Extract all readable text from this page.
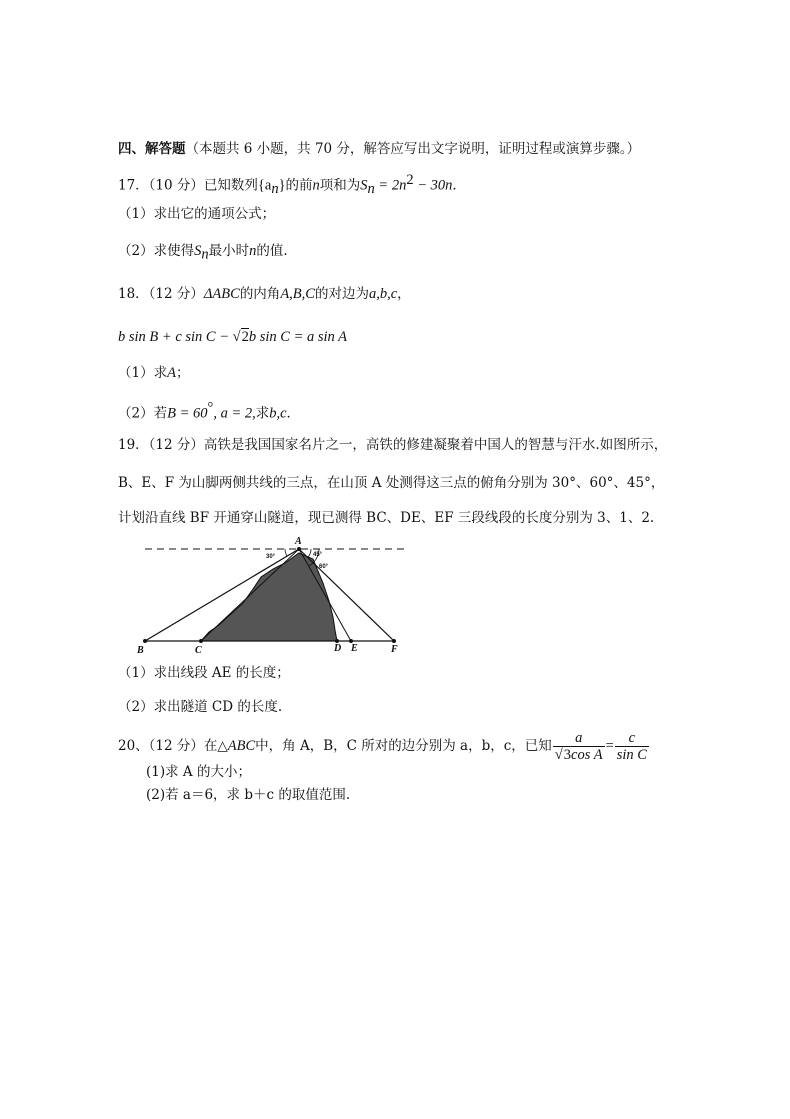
四、解答题（本题共 6 小题，共 70 分，解答应写出文字说明，证明过程或演算步骤。）
17．（10 分）已知数列$\{a_n\}$的前n项和为$S_n = 2n^2 - 30n$．
（1）求出它的通项公式；
（2）求使得$S_n$最小时n的值.
18．（12 分）ΔABC的内角A,B,C的对边为a,b,c，
b sin B + c sin C − √2b sin C = a sin A
（1）求A；
（2）若B = 60°, a = 2,求b,c．
19．（12 分）高铁是我国国家名片之一，高铁的修建凝聚着中国人的智慧与汗水.如图所示，
B、E、F 为山脚两侧共线的三点，在山顶 A 处测得这三点的俯角分别为 30°、60°、45°，
计划沿直线 BF 开通穿山隧道，现已测得 BC、DE、EF 三段线段的长度分别为 3、1、2.
A
B	C	D E	F
30°	45°
60°
（1）求出线段 AE 的长度；
（2）求出隧道 CD 的长度.
20、（12 分）在△ABC中，角 A，B，C 所对的边分别为 a，b，c，已知 $\frac{a}{\text{√3cos A}} = \frac{c}{\text{sin C}}$
(1)求 A 的大小；
(2)若 a＝6，求 b＋c 的取值范围.
